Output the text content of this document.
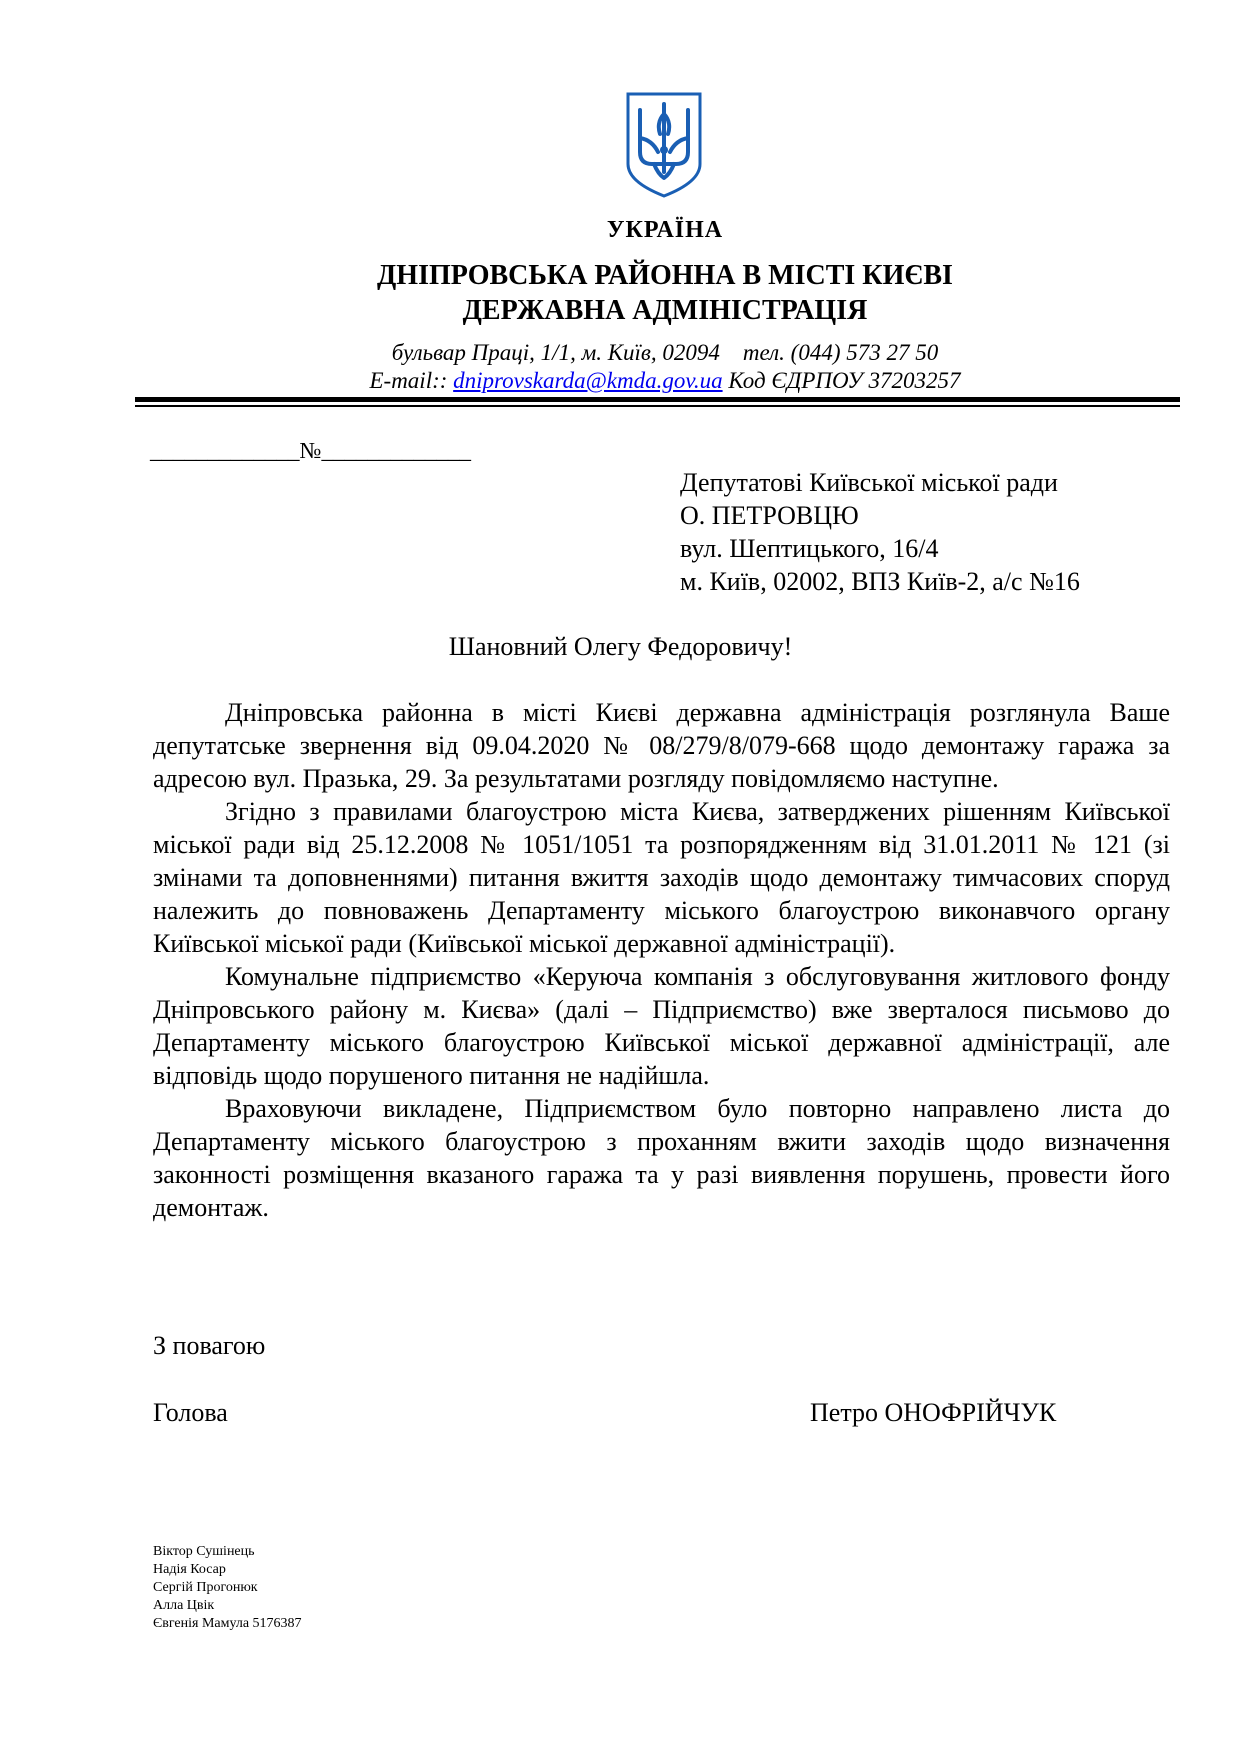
УКРАЇНА
ДНІПРОВСЬКА РАЙОННА В МІСТІ КИЄВІ
ДЕРЖАВНА АДМІНІСТРАЦІЯ
бульвар Праці, 1/1, м. Київ, 02094 тел. (044) 573 27 50
E-mail:: dniprovskarda@kmda.gov.ua Код ЄДРПОУ 37203257
_____________№_____________
Депутатові Київської міської ради
О. ПЕТРОВЦЮ
вул. Шептицького, 16/4
м. Київ, 02002, ВПЗ Київ-2, а/с №16
Шановний Олегу Федоровичу!

Дніпровська районна в місті Києві державна адміністрація розглянула Ваше депутатське звернення від 09.04.2020 № 08/279/8/079-668 щодо демонтажу гаража за адресою вул. Празька, 29. За результатами розгляду повідомляємо наступне.

Згідно з правилами благоустрою міста Києва, затверджених рішенням Київської міської ради від 25.12.2008 № 1051/1051 та розпорядженням від 31.01.2011 № 121 (зі змінами та доповненнями) питання вжиття заходів щодо демонтажу тимчасових споруд належить до повноважень Департаменту міського благоустрою виконавчого органу Київської міської ради (Київської міської державної адміністрації).

Комунальне підприємство «Керуюча компанія з обслуговування житлового фонду Дніпровського району м. Києва» (далі – Підприємство) вже зверталося письмово до Департаменту міського благоустрою Київської міської державної адміністрації, але відповідь щодо порушеного питання не надійшла.

Враховуючи викладене, Підприємством було повторно направлено листа до Департаменту міського благоустрою з проханням вжити заходів щодо визначення законності розміщення вказаного гаража та у разі виявлення порушень, провести його демонтаж.

З повагою
Голова	Петро ОНОФРІЙЧУК
Віктор Сушінець
Надія Косар
Сергій Прогонюк
Алла Цвік
Євгенія Мамула 5176387
